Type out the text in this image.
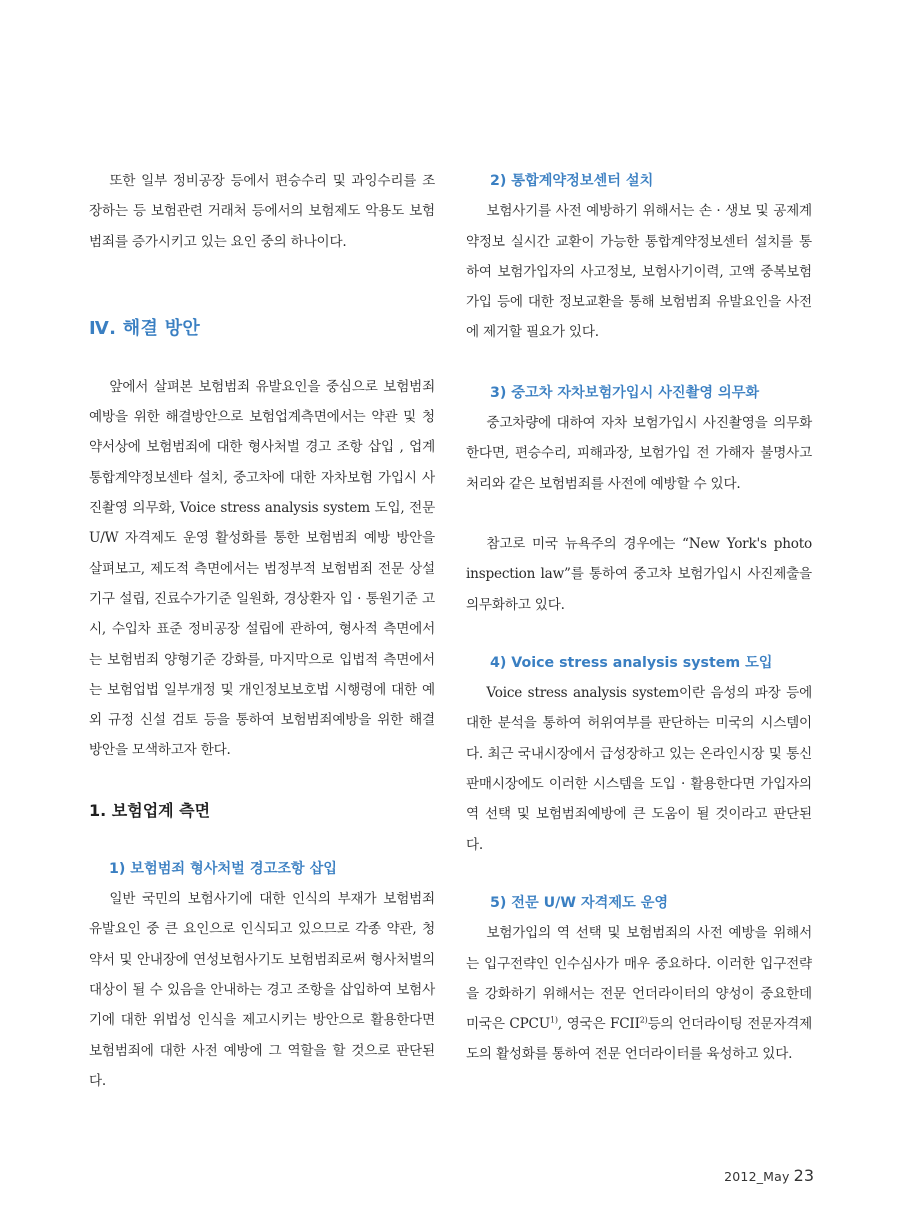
또한 일부 정비공장 등에서 편승수리 및 과잉수리를 조장하는 등 보험관련 거래처 등에서의 보험제도 악용도 보험범죄를 증가시키고 있는 요인 중의 하나이다.

Ⅳ. 해결 방안

앞에서 살펴본 보험범죄 유발요인을 중심으로 보험범죄 예방을 위한 해결방안으로 보험업계측면에서는 약관 및 청약서상에 보험범죄에 대한 형사처벌 경고 조항 삽입 , 업계통합계약정보센타 설치, 중고차에 대한 자차보험 가입시 사진촬영 의무화, Voice stress analysis system 도입, 전문 U/W 자격제도 운영 활성화를 통한 보험범죄 예방 방안을 살펴보고, 제도적 측면에서는 범정부적 보험범죄 전문 상설기구 설립, 진료수가기준 일원화, 경상환자 입 · 통원기준 고시, 수입차 표준 정비공장 설립에 관하여, 형사적 측면에서는 보험범죄 양형기준 강화를, 마지막으로 입법적 측면에서는 보험업법 일부개정 및 개인정보보호법 시행령에 대한 예외 규정 신설 검토 등을 통하여 보험범죄예방을 위한 해결 방안을 모색하고자 한다.

1. 보험업계 측면
1) 보험범죄 형사처벌 경고조항 삽입

일반 국민의 보험사기에 대한 인식의 부재가 보험범죄 유발요인 중 큰 요인으로 인식되고 있으므로 각종 약관, 청약서 및 안내장에 연성보험사기도 보험범죄로써 형사처벌의 대상이 될 수 있음을 안내하는 경고 조항을 삽입하여 보험사기에 대한 위법성 인식을 제고시키는 방안으로 활용한다면 보험범죄에 대한 사전 예방에 그 역할을 할 것으로 판단된다.

2) 통합계약정보센터 설치

보험사기를 사전 예방하기 위해서는 손 · 생보 및 공제계약정보 실시간 교환이 가능한 통합계약정보센터 설치를 통하여 보험가입자의 사고정보, 보험사기이력, 고액 중복보험가입 등에 대한 정보교환을 통해 보험범죄 유발요인을 사전에 제거할 필요가 있다.

3) 중고차 자차보험가입시 사진촬영 의무화

중고차량에 대하여 자차 보험가입시 사진촬영을 의무화한다면, 편승수리, 피해과장, 보험가입 전 가해자 불명사고처리와 같은 보험범죄를 사전에 예방할 수 있다.

참고로 미국 뉴욕주의 경우에는 “New York's photo inspection law”를 통하여 중고차 보험가입시 사진제출을 의무화하고 있다.

4) Voice stress analysis system 도입

Voice stress analysis system이란 음성의 파장 등에 대한 분석을 통하여 허위여부를 판단하는 미국의 시스템이다. 최근 국내시장에서 급성장하고 있는 온라인시장 및 통신판매시장에도 이러한 시스템을 도입 · 활용한다면 가입자의 역 선택 및 보험범죄예방에 큰 도움이 될 것이라고 판단된다.

5) 전문 U/W 자격제도 운영

보험가입의 역 선택 및 보험범죄의 사전 예방을 위해서는 입구전략인 인수심사가 매우 중요하다. 이러한 입구전략을 강화하기 위해서는 전문 언더라이터의 양성이 중요한데 미국은 CPCU$^{1)}$, 영국은 FCII$^{2)}$등의 언더라이팅 전문자격제도의 활성화를 통하여 전문 언더라이터를 육성하고 있다.

2012_May 23
